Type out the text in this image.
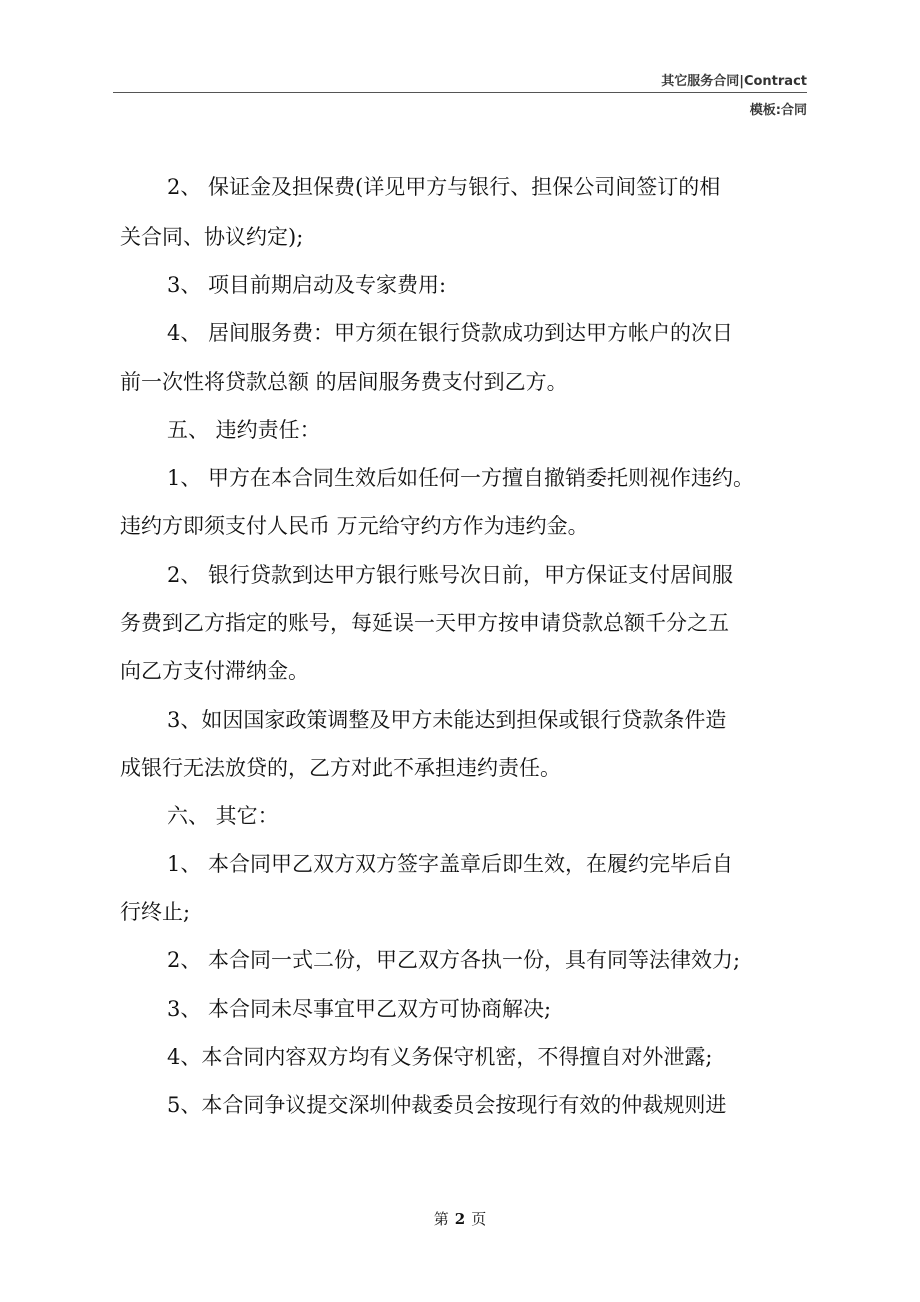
其它服务合同|Contract
模板:合同
2、 保证金及担保费(详见甲方与银行、担保公司间签订的相
关合同、协议约定);
3、 项目前期启动及专家费用:
4、 居间服务费：甲方须在银行贷款成功到达甲方帐户的次日
前一次性将贷款总额 的居间服务费支付到乙方。
五、 违约责任：
1、 甲方在本合同生效后如任何一方擅自撤销委托则视作违约。
违约方即须支付人民币 万元给守约方作为违约金。
2、 银行贷款到达甲方银行账号次日前，甲方保证支付居间服
务费到乙方指定的账号，每延误一天甲方按申请贷款总额千分之五
向乙方支付滞纳金。
3、如因国家政策调整及甲方未能达到担保或银行贷款条件造
成银行无法放贷的，乙方对此不承担违约责任。
六、 其它：
1、 本合同甲乙双方双方签字盖章后即生效，在履约完毕后自
行终止;
2、 本合同一式二份，甲乙双方各执一份，具有同等法律效力;
3、 本合同未尽事宜甲乙双方可协商解决;
4、本合同内容双方均有义务保守机密，不得擅自对外泄露;
5、本合同争议提交深圳仲裁委员会按现行有效的仲裁规则进
第 2 页
